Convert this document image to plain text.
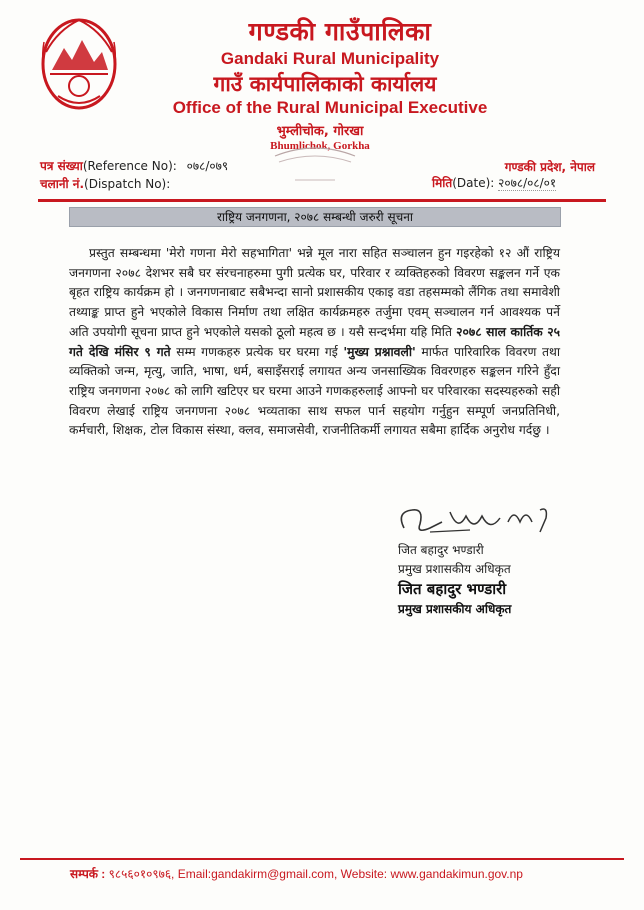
गण्डकी गाउँपालिका
Gandaki Rural Municipality
गाउँ कार्यपालिकाको कार्यालय
Office of the Rural Municipal Executive
भुम्लीचोक, गोरखा
Bhumlichok, Gorkha
पत्र संख्या(Reference No): ०७८/०७९
चलानी नं.(Dispatch No):
गण्डकी प्रदेश, नेपाल
मिति(Date): २०७८/०८/०१
राष्ट्रिय जनगणना, २०७८ सम्बन्धी जरुरी सूचना

प्रस्तुत सम्बन्धमा 'मेरो गणना मेरो सहभागिता' भन्ने मूल नारा सहित सञ्चालन हुन गइरहेको १२ औं राष्ट्रिय जनगणना २०७८ देशभर सबै घर संरचनाहरुमा पुगी प्रत्येक घर, परिवार र व्यक्तिहरुको विवरण सङ्कलन गर्ने एक बृहत राष्ट्रिय कार्यक्रम हो । जनगणनाबाट सबैभन्दा सानो प्रशासकीय एकाइ वडा तहसम्मको लैंगिक तथा समावेशी तथ्याङ्क प्राप्त हुने भएकोले विकास निर्माण तथा लक्षित कार्यक्रमहरु तर्जुमा एवम् सञ्चालन गर्न आवश्यक पर्ने अति उपयोगी सूचना प्राप्त हुने भएकोले यसको ठूलो महत्व छ । यसै सन्दर्भमा यहि मिति २०७८ साल कार्तिक २५ गते देखि मंसिर ९ गते सम्म गणकहरु प्रत्येक घर घरमा गई 'मुख्य प्रश्नावली' मार्फत पारिवारिक विवरण तथा व्यक्तिको जन्म, मृत्यु, जाति, भाषा, धर्म, बसाइँसराई लगायत अन्य जनसाख्यिक विवरणहरु सङ्कलन गरिने हुँदा राष्ट्रिय जनगणना २०७८ को लागि खटिएर घर घरमा आउने गणकहरुलाई आफ्नो घर परिवारका सदस्यहरुको सही विवरण लेखाई राष्ट्रिय जनगणना २०७८ भव्यताका साथ सफल पार्न सहयोग गर्नुहुन सम्पूर्ण जनप्रतिनिधी, कर्मचारी, शिक्षक, टोल विकास संस्था, क्लव, समाजसेवी, राजनीतिकर्मी लगायत सबैमा हार्दिक अनुरोध गर्दछु ।

जित बहादुर भण्डारी
प्रमुख प्रशासकीय अधिकृत
जित बहादुर भण्डारी
प्रमुख प्रशासकीय अधिकृत
सम्पर्क : ९८५६०१०९७६, Email:gandakirm@gmail.com, Website: www.gandakimun.gov.np
